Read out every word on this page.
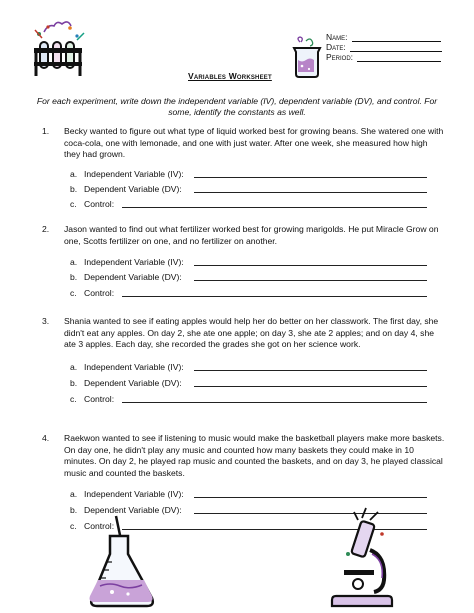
Name:
Date:
Period:
Variables Worksheet
For each experiment, write down the independent variable (IV), dependent variable (DV), and control. For some, identify the constants as well.
1. Becky wanted to figure out what type of liquid worked best for growing beans. She watered one with coca-cola, one with lemonade, and one with just water. After one week, she measured how high they had grown.
a. Independent Variable (IV):
b. Dependent Variable (DV):
c. Control:
2. Jason wanted to find out what fertilizer worked best for growing marigolds. He put Miracle Grow on one, Scotts fertilizer on one, and no fertilizer on another.
a. Independent Variable (IV):
b. Dependent Variable (DV):
c. Control:
3. Shania wanted to see if eating apples would help her do better on her classwork. The first day, she didn't eat any apples. On day 2, she ate one apple; on day 3, she ate 2 apples; and on day 4, she ate 3 apples. Each day, she recorded the grades she got on her science work.
a. Independent Variable (IV):
b. Dependent Variable (DV):
c. Control:
4. Raekwon wanted to see if listening to music would make the basketball players make more baskets. On day one, he didn't play any music and counted how many baskets they could make in 10 minutes. On day 2, he played rap music and counted the baskets, and on day 3, he played classical music and counted the baskets.
a. Independent Variable (IV):
b. Dependent Variable (DV):
c. Control:
